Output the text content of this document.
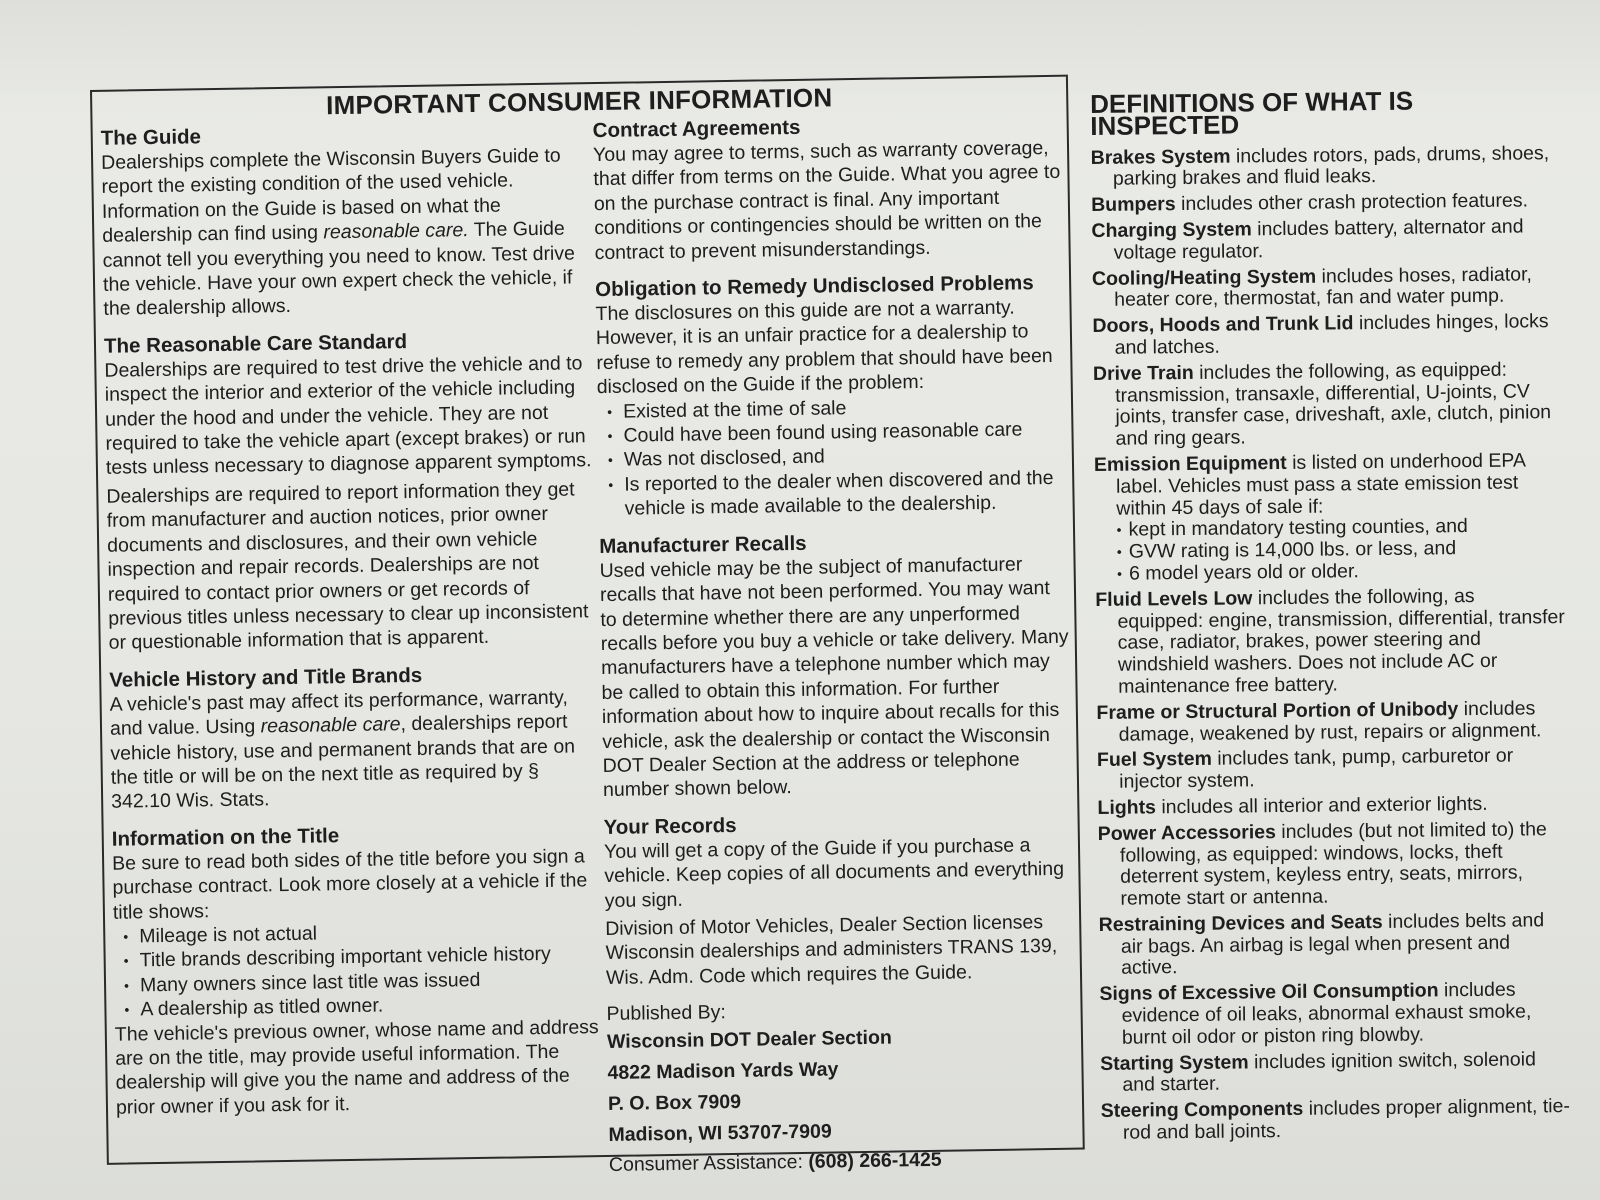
IMPORTANT CONSUMER INFORMATION
The Guide

Dealerships complete the Wisconsin Buyers Guide to report the existing condition of the used vehicle. Information on the Guide is based on what the dealership can find using reasonable care. The Guide cannot tell you everything you need to know. Test drive the vehicle. Have your own expert check the vehicle, if the dealership allows.

The Reasonable Care Standard

Dealerships are required to test drive the vehicle and to inspect the interior and exterior of the vehicle including under the hood and under the vehicle. They are not required to take the vehicle apart (except brakes) or run tests unless necessary to diagnose apparent symptoms.

Dealerships are required to report information they get from manufacturer and auction notices, prior owner documents and disclosures, and their own vehicle inspection and repair records. Dealerships are not required to contact prior owners or get records of previous titles unless necessary to clear up inconsistent or questionable information that is apparent.

Vehicle History and Title Brands

A vehicle's past may affect its performance, warranty, and value. Using reasonable care, dealerships report vehicle history, use and permanent brands that are on the title or will be on the next title as required by § 342.10 Wis. Stats.

Information on the Title

Be sure to read both sides of the title before you sign a purchase contract. Look more closely at a vehicle if the title shows:

• Mileage is not actual
• Title brands describing important vehicle history
• Many owners since last title was issued
• A dealership as titled owner.

The vehicle's previous owner, whose name and address are on the title, may provide useful information. The dealership will give you the name and address of the prior owner if you ask for it.

Contract Agreements

You may agree to terms, such as warranty coverage, that differ from terms on the Guide. What you agree to on the purchase contract is final. Any important conditions or contingencies should be written on the contract to prevent misunderstandings.

Obligation to Remedy Undisclosed Problems

The disclosures on this guide are not a warranty. However, it is an unfair practice for a dealership to refuse to remedy any problem that should have been disclosed on the Guide if the problem:

• Existed at the time of sale
• Could have been found using reasonable care
• Was not disclosed, and
• Is reported to the dealer when discovered and the vehicle is made available to the dealership.
Manufacturer Recalls

Used vehicle may be the subject of manufacturer recalls that have not been performed. You may want to determine whether there are any unperformed recalls before you buy a vehicle or take delivery. Many manufacturers have a telephone number which may be called to obtain this information. For further information about how to inquire about recalls for this vehicle, ask the dealership or contact the Wisconsin DOT Dealer Section at the address or telephone number shown below.

Your Records

You will get a copy of the Guide if you purchase a vehicle. Keep copies of all documents and everything you sign.

Division of Motor Vehicles, Dealer Section licenses Wisconsin dealerships and administers TRANS 139, Wis. Adm. Code which requires the Guide.

Published By:

Wisconsin DOT Dealer Section

4822 Madison Yards Way

P. O. Box 7909

Madison, WI 53707-7909

Consumer Assistance: (608) 266-1425

DEFINITIONS OF WHAT IS INSPECTED
Brakes System includes rotors, pads, drums, shoes, parking brakes and fluid leaks.
Bumpers includes other crash protection features.
Charging System includes battery, alternator and voltage regulator.
Cooling/Heating System includes hoses, radiator, heater core, thermostat, fan and water pump.
Doors, Hoods and Trunk Lid includes hinges, locks and latches.
Drive Train includes the following, as equipped: transmission, transaxle, differential, U-joints, CV joints, transfer case, driveshaft, axle, clutch, pinion and ring gears.
Emission Equipment is listed on underhood EPA label. Vehicles must pass a state emission test within 45 days of sale if:
• kept in mandatory testing counties, and
• GVW rating is 14,000 lbs. or less, and
• 6 model years old or older.
Fluid Levels Low includes the following, as equipped: engine, transmission, differential, transfer case, radiator, brakes, power steering and windshield washers. Does not include AC or maintenance free battery.
Frame or Structural Portion of Unibody includes damage, weakened by rust, repairs or alignment.
Fuel System includes tank, pump, carburetor or injector system.
Lights includes all interior and exterior lights.
Power Accessories includes (but not limited to) the following, as equipped: windows, locks, theft deterrent system, keyless entry, seats, mirrors, remote start or antenna.
Restraining Devices and Seats includes belts and air bags. An airbag is legal when present and active.
Signs of Excessive Oil Consumption includes evidence of oil leaks, abnormal exhaust smoke, burnt oil odor or piston ring blowby.
Starting System includes ignition switch, solenoid and starter.
Steering Components includes proper alignment, tie-rod and ball joints.
